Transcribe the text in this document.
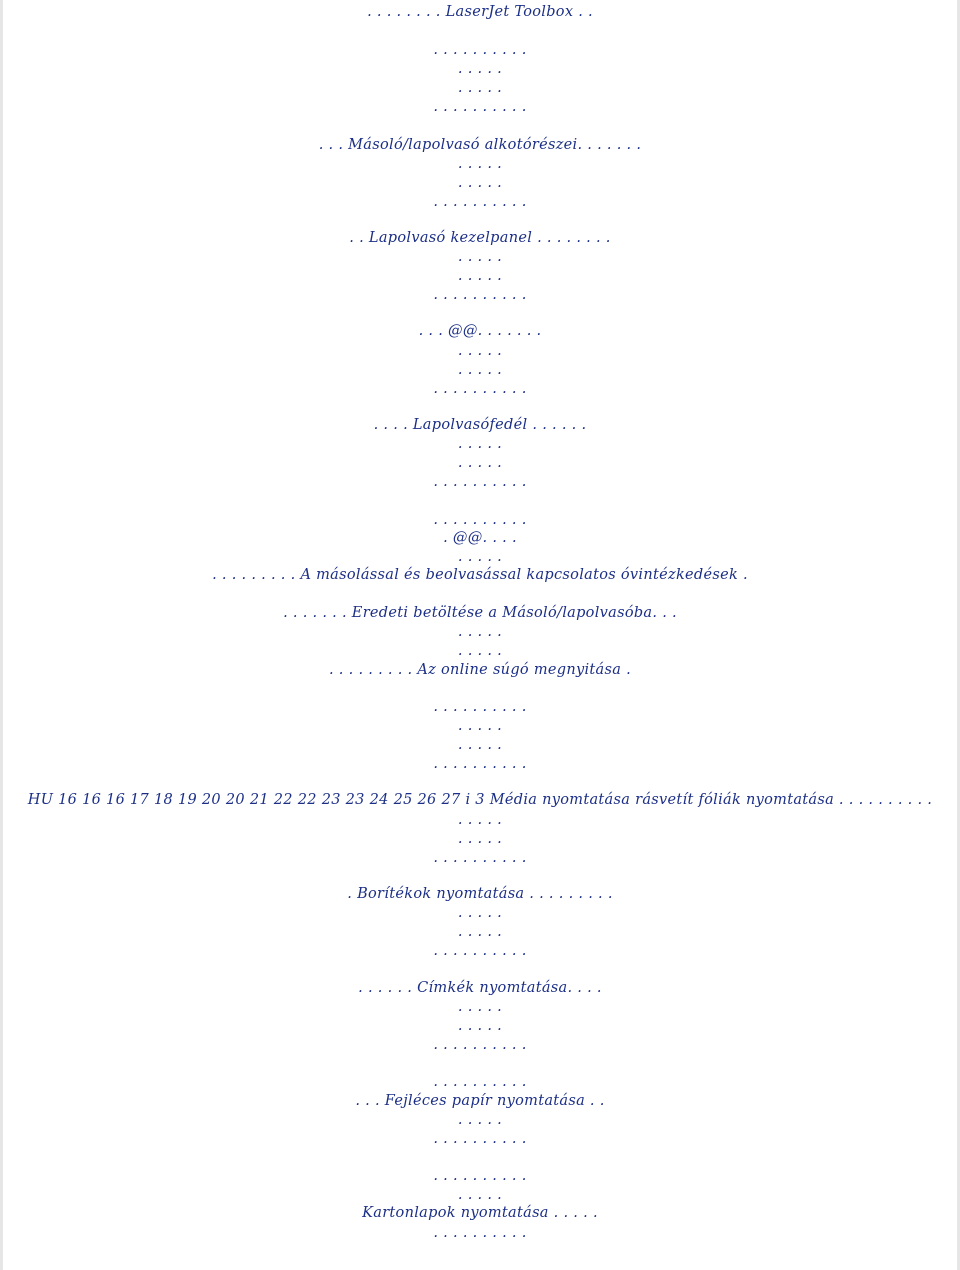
. . . . . . . . LaserJet Toolbox . .
. . . . . . . . . .
. . . . .
. . . . .
. . . . . . . . . .
. . . Másoló/lapolvasó alkotórészei. . . . . . .
. . . . .
. . . . .
. . . . . . . . . .
. . Lapolvasó kezelpanel . . . . . . . .
. . . . .
. . . . .
. . . . . . . . . .
. . . @@. . . . . . .
. . . . .
. . . . .
. . . . . . . . . .
. . . . Lapolvasófedél . . . . . .
. . . . .
. . . . .
. . . . . . . . . .
. . . . . . . . . .
. @@. . . .
. . . . .
. . . . . . . . . A másolással és beolvasással kapcsolatos óvintézkedések .
. . . . . . . Eredeti betöltése a Másoló/lapolvasóba. . .
. . . . .
. . . . .
. . . . . . . . . Az online súgó megnyitása .
. . . . . . . . . .
. . . . .
. . . . .
. . . . . . . . . .
HU 16 16 16 17 18 19 20 20 21 22 22 23 23 24 25 26 27 i 3 Média nyomtatása rásvetít fóliák nyomtatása . . . . . . . . . .
. . . . .
. . . . .
. . . . . . . . . .
. Borítékok nyomtatása . . . . . . . . .
. . . . .
. . . . .
. . . . . . . . . .
. . . . . . Címkék nyomtatása. . . .
. . . . .
. . . . .
. . . . . . . . . .
. . . . . . . . . .
. . . Fejléces papír nyomtatása . .
. . . . .
. . . . . . . . . .
. . . . . . . . . .
. . . . .
Kartonlapok nyomtatása . . . . .
. . . . . . . . . .
